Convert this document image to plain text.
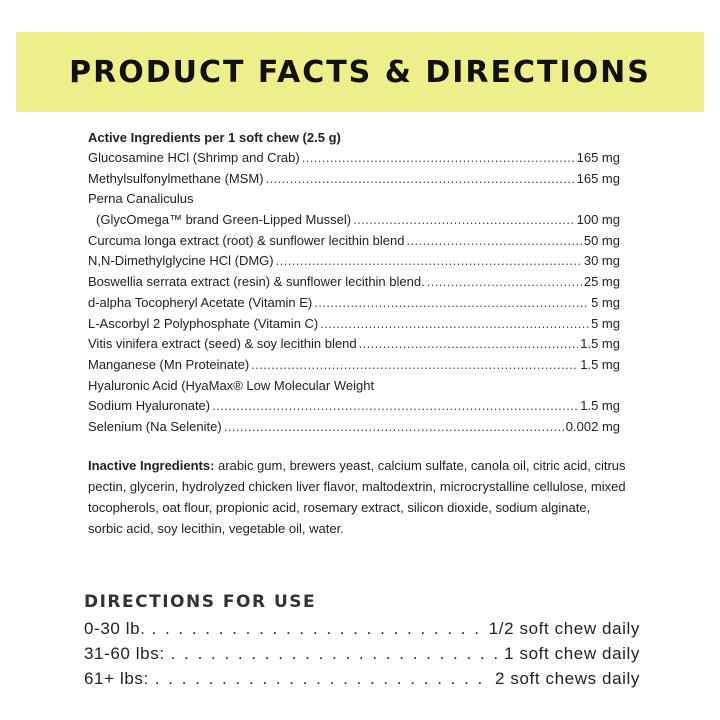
PRODUCT FACTS & DIRECTIONS
Active Ingredients per 1 soft chew (2.5 g)
Glucosamine HCl (Shrimp and Crab) . . .	165 mg
Methylsulfonylmethane (MSM) . . .	165 mg
Perna Canaliculus
(GlycOmega™ brand Green-Lipped Mussel) . . .	100 mg
Curcuma longa extract (root) & sunflower lecithin blend . . .	50 mg
N,N-Dimethylglycine HCl (DMG) . . .	30 mg
Boswellia serrata extract (resin) & sunflower lecithin blend. . . .	25 mg
d-alpha Tocopheryl Acetate (Vitamin E) . . .	5 mg
L-Ascorbyl 2 Polyphosphate (Vitamin C) . . .	5 mg
Vitis vinifera extract (seed) & soy lecithin blend . . .	1.5 mg
Manganese (Mn Proteinate) . . .	1.5 mg
Hyaluronic Acid (HyaMax® Low Molecular Weight
Sodium Hyaluronate) . . .	1.5 mg
Selenium (Na Selenite) . . .	0.002 mg
Inactive Ingredients: arabic gum, brewers yeast, calcium sulfate, canola oil, citric acid, citrus pectin, glycerin, hydrolyzed chicken liver flavor, maltodextrin, microcrystalline cellulose, mixed tocopherols, oat flour, propionic acid, rosemary extract, silicon dioxide, sodium alginate, sorbic acid, soy lecithin, vegetable oil, water.
DIRECTIONS FOR USE
0-30 lb. . . .	1/2 soft chew daily
31-60 lbs: . . .	1 soft chew daily
61+ lbs: . . .	2 soft chews daily
